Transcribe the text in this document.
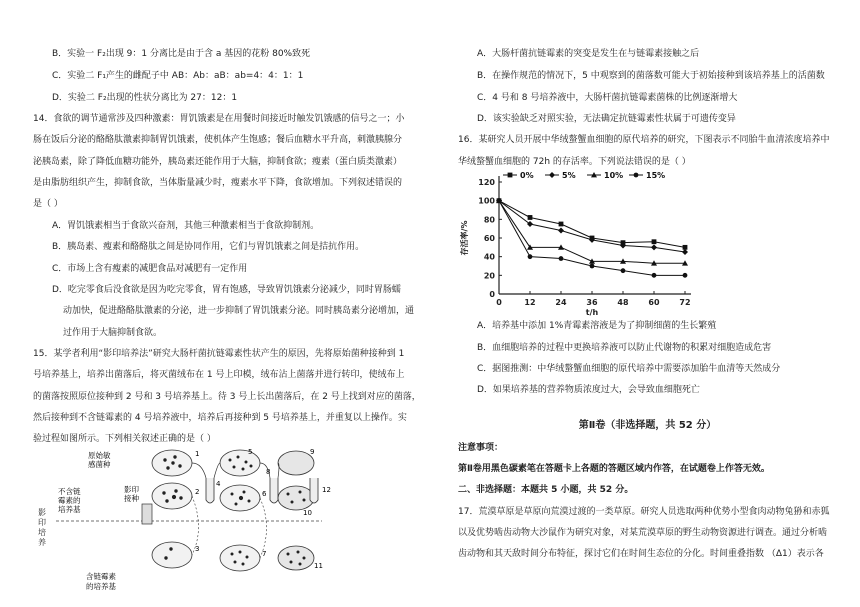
B．实验一 F₂出现 9：1 分离比是由于含 a 基因的花粉 80%致死
C．实验二 F₁产生的雌配子中 AB：Ab：aB：ab=4：4：1：1
D．实验二 F₂出现的性状分离比为 27：12：1
14．食欲的调节通常涉及四种激素：胃饥饿素是在用餐时间接近时触发饥饿感的信号之一；小
肠在饭后分泌的酪酪肽激素抑制胃饥饿素，使机体产生饱感；餐后血糖水平升高，刺激胰腺分
泌胰岛素，除了降低血糖功能外，胰岛素还能作用于大脑，抑制食欲；瘦素（蛋白质类激素）
是由脂肪组织产生，抑制食欲，当体脂量减少时，瘦素水平下降，食欲增加。下列叙述错误的
是（ ）
A．胃饥饿素相当于食欲兴奋剂，其他三种激素相当于食欲抑制剂。
B．胰岛素、瘦素和酪酪肽之间是协同作用，它们与胃饥饿素之间是拮抗作用。
C．市场上含有瘦素的减肥食品对减肥有一定作用
D．吃完零食后没食欲是因为吃完零食，胃有饱感，导致胃饥饿素分泌减少，同时胃肠蠕
动加快，促进酪酪肽激素的分泌，进一步抑制了胃饥饿素分泌。同时胰岛素分泌增加，通
过作用于大脑抑制食欲。
15．某学者利用“影印培养法”研究大肠杆菌抗链霉素性状产生的原因，先将原始菌种接种到 1
号培养基上，培养出菌落后，将灭菌绒布在 1 号上印模，绒布沾上菌落并进行转印，使绒布上
的菌落按照原位接种到 2 号和 3 号培养基上。待 3 号上长出菌落后，在 2 号上找到对应的菌落，
然后接种到不含链霉素的 4 号培养液中，培养后再接种到 5 号培养基上，并重复以上操作。实
验过程如图所示。下列相关叙述正确的是（ ）
影印培养
原始敏
感菌种
不含链
霉素的
培养基
影印
接种
含链霉素
的培养基
1
2
3
4
5
6
7
8
9
10
11
12
A．大肠杆菌抗链霉素的突变是发生在与链霉素接触之后
B．在操作规范的情况下，5 中观察到的菌落数可能大于初始接种到该培养基上的活菌数
C．4 号和 8 号培养液中，大肠杆菌抗链霉素菌株的比例逐渐增大
D．该实验缺乏对照实验，无法确定抗链霉素性状属于可遗传变异
16．某研究人员开展中华绒螯蟹血细胞的原代培养的研究，下图表示不同胎牛血清浓度培养中
华绒螯蟹血细胞的 72h 的存活率。下列说法错误的是（ ）
A．培养基中添加 1%青霉素溶液是为了抑制细菌的生长繁殖
B．血细胞培养的过程中更换培养液可以防止代谢物的积累对细胞造成危害
C．据图推测：中华绒螯蟹血细胞的原代培养中需要添加胎牛血清等天然成分
D．如果培养基的营养物质浓度过大，会导致血细胞死亡
第Ⅱ卷（非选择题，共 52 分）
注意事项：
第Ⅱ卷用黑色碳素笔在答题卡上各题的答题区域内作答，在试题卷上作答无效。
二、非选择题：本题共 5 小题，共 52 分。
17．荒漠草原是草原向荒漠过渡的一类草原。研究人员选取两种优势小型食肉动物兔狲和赤狐
以及优势啮齿动物大沙鼠作为研究对象，对某荒漠草原的野生动物资源进行调查。通过分析啮
齿动物和其天敌时间分布特征，探讨它们在时间生态位的分化。时间重叠指数 （Δ1）表示各
0
20
40
60
80
100
120
0	12 24 36 48 60 72
t/h
存活率/%
0%	5%	10%	15%
